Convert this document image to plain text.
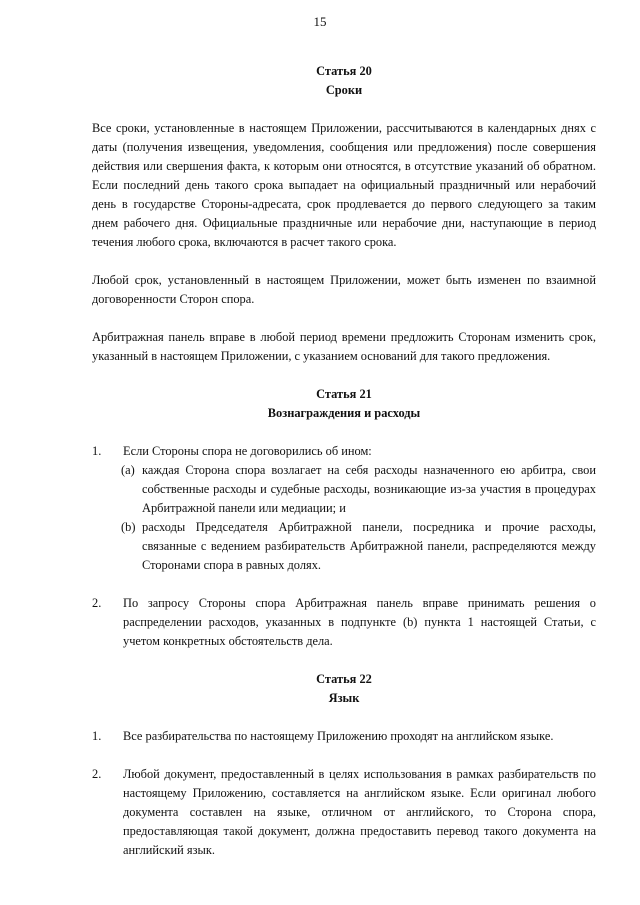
15

Статья 20

Сроки

Все сроки, установленные в настоящем Приложении, рассчитываются в календарных днях с даты (получения извещения, уведомления, сообщения или предложения) после совершения действия или свершения факта, к которым они относятся, в отсутствие указаний об обратном. Если последний день такого срока выпадает на официальный праздничный или нерабочий день в государстве Стороны-адресата, срок продлевается до первого следующего за таким днем рабочего дня. Официальные праздничные или нерабочие дни, наступающие в период течения любого срока, включаются в расчет такого срока.

Любой срок, установленный в настоящем Приложении, может быть изменен по взаимной договоренности Сторон спора.

Арбитражная панель вправе в любой период времени предложить Сторонам изменить срок, указанный в настоящем Приложении, с указанием оснований для такого предложения.

Статья 21

Вознаграждения и расходы

1.	Если Стороны спора не договорились об ином:
(a) каждая Сторона спора возлагает на себя расходы назначенного ею арбитра, свои собственные расходы и судебные расходы, возникающие из-за участия в процедурах Арбитражной панели или медиации; и
(b) расходы Председателя Арбитражной панели, посредника и прочие расходы, связанные с ведением разбирательств Арбитражной панели, распределяются между Сторонами спора в равных долях.
2.	По запросу Стороны спора Арбитражная панель вправе принимать решения о распределении расходов, указанных в подпункте (b) пункта 1 настоящей Статьи, с учетом конкретных обстоятельств дела.

Статья 22

Язык

1.	Все разбирательства по настоящему Приложению проходят на английском языке.
2.	Любой документ, предоставленный в целях использования в рамках разбирательств по настоящему Приложению, составляется на английском языке. Если оригинал любого документа составлен на языке, отличном от английского, то Сторона спора, предоставляющая такой документ, должна предоставить перевод такого документа на английский язык.
